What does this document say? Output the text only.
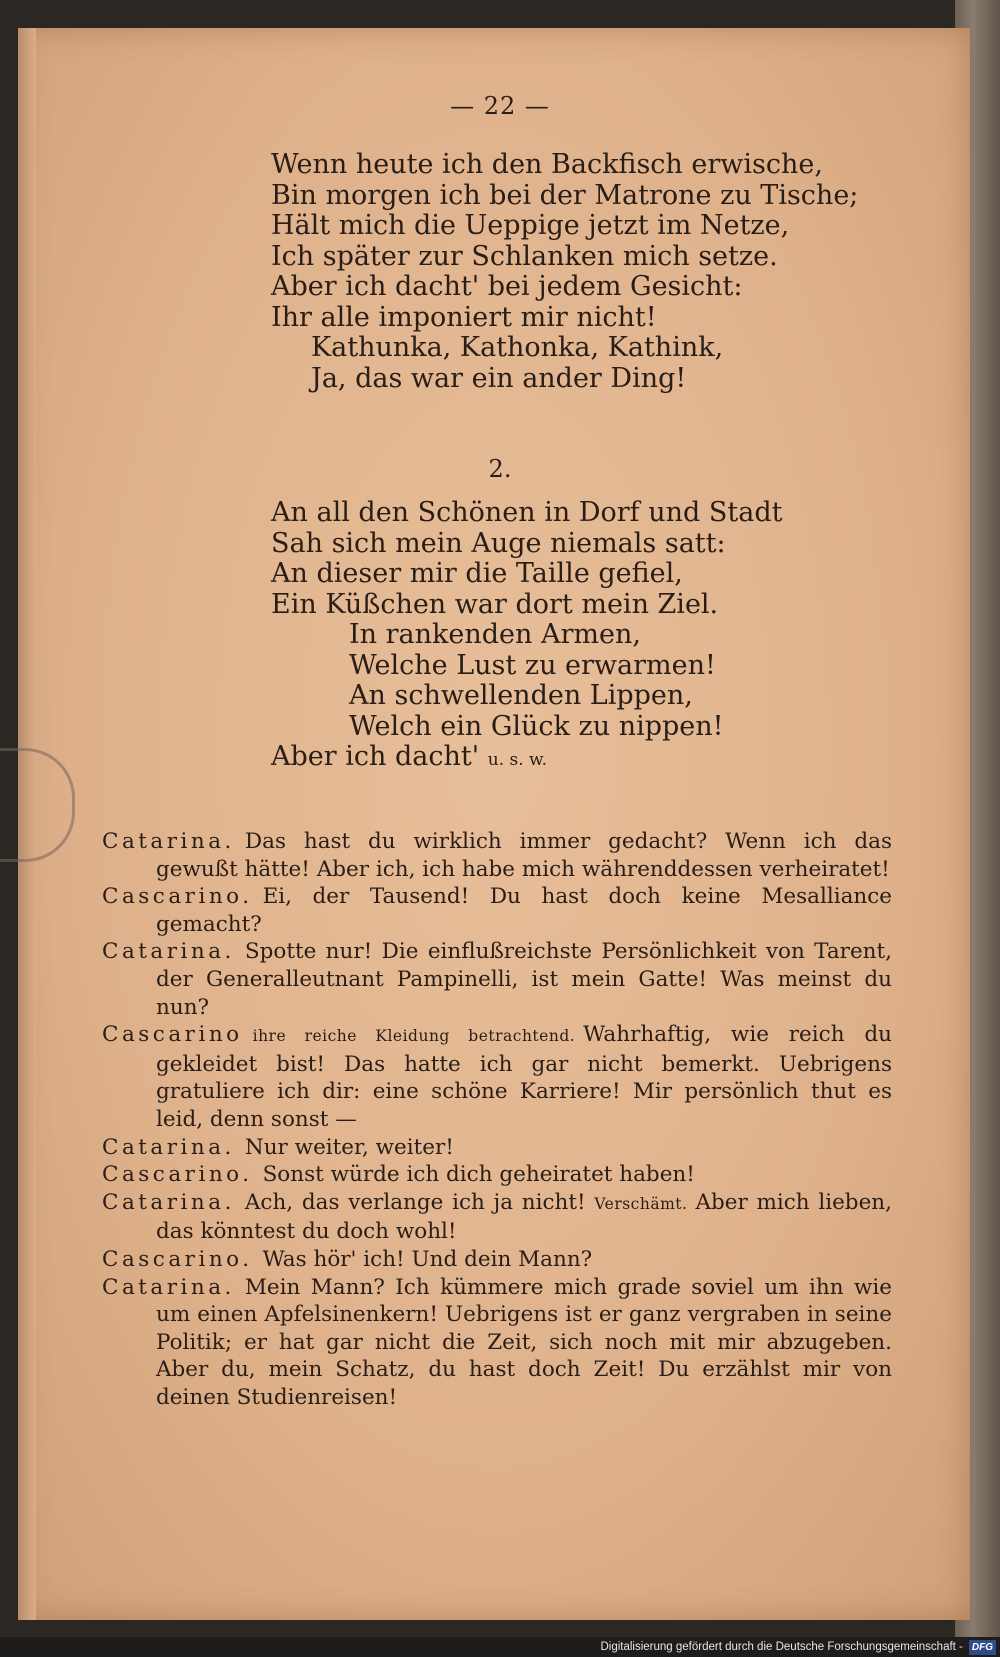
— 22 —
Wenn heute ich den Backfisch erwische,
Bin morgen ich bei der Matrone zu Tische;
Hält mich die Ueppige jetzt im Netze,
Ich später zur Schlanken mich setze.
Aber ich dacht' bei jedem Gesicht:
Ihr alle imponiert mir nicht!
Kathunka, Kathonka, Kathink,
Ja, das war ein ander Ding!
2.
An all den Schönen in Dorf und Stadt
Sah sich mein Auge niemals satt:
An dieser mir die Taille gefiel,
Ein Küßchen war dort mein Ziel.
In rankenden Armen,
Welche Lust zu erwarmen!
An schwellenden Lippen,
Welch ein Glück zu nippen!
Aber ich dacht' u. s. w.

Catarina. Das hast du wirklich immer gedacht? Wenn ich das gewußt hätte! Aber ich, ich habe mich währenddessen verheiratet!

Cascarino. Ei, der Tausend! Du hast doch keine Mesalliance gemacht?

Catarina. Spotte nur! Die einflußreichste Persönlichkeit von Tarent, der Generalleutnant Pampinelli, ist mein Gatte! Was meinst du nun?

Cascarino ihre reiche Kleidung betrachtend. Wahrhaftig, wie reich du gekleidet bist! Das hatte ich gar nicht bemerkt. Uebrigens gratuliere ich dir: eine schöne Karriere! Mir persönlich thut es leid, denn sonst —

Catarina. Nur weiter, weiter!

Cascarino. Sonst würde ich dich geheiratet haben!

Catarina. Ach, das verlange ich ja nicht! Verschämt. Aber mich lieben, das könntest du doch wohl!

Cascarino. Was hör' ich! Und dein Mann?

Catarina. Mein Mann? Ich kümmere mich grade soviel um ihn wie um einen Apfelsinenkern! Uebrigens ist er ganz vergraben in seine Politik; er hat gar nicht die Zeit, sich noch mit mir abzugeben. Aber du, mein Schatz, du hast doch Zeit! Du erzählst mir von deinen Studienreisen!

Digitalisierung gefördert durch die Deutsche Forschungsgemeinschaft - DFG
